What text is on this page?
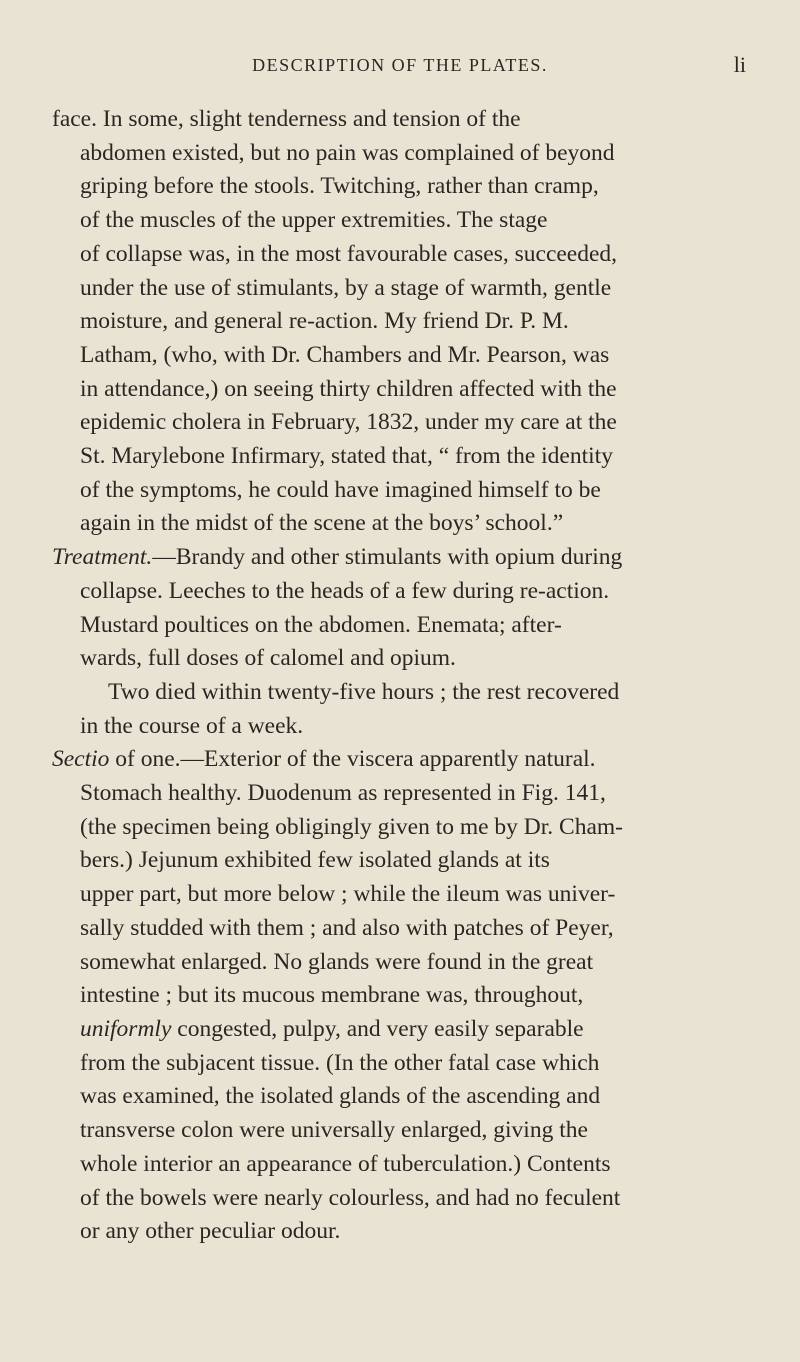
DESCRIPTION OF THE PLATES.	li
face. In some, slight tenderness and tension of the
abdomen existed, but no pain was complained of beyond
griping before the stools. Twitching, rather than cramp,
of the muscles of the upper extremities. The stage
of collapse was, in the most favourable cases, succeeded,
under the use of stimulants, by a stage of warmth, gentle
moisture, and general re-action. My friend Dr. P. M.
Latham, (who, with Dr. Chambers and Mr. Pearson, was
in attendance,) on seeing thirty children affected with the
epidemic cholera in February, 1832, under my care at the
St. Marylebone Infirmary, stated that, “ from the identity
of the symptoms, he could have imagined himself to be
again in the midst of the scene at the boys’ school.”
Treatment.—Brandy and other stimulants with opium during
collapse. Leeches to the heads of a few during re-action.
Mustard poultices on the abdomen. Enemata; after-
wards, full doses of calomel and opium.
Two died within twenty-five hours ; the rest recovered
in the course of a week.
Sectio of one.—Exterior of the viscera apparently natural.
Stomach healthy. Duodenum as represented in Fig. 141,
(the specimen being obligingly given to me by Dr. Cham-
bers.) Jejunum exhibited few isolated glands at its
upper part, but more below ; while the ileum was univer-
sally studded with them ; and also with patches of Peyer,
somewhat enlarged. No glands were found in the great
intestine ; but its mucous membrane was, throughout,
uniformly congested, pulpy, and very easily separable
from the subjacent tissue. (In the other fatal case which
was examined, the isolated glands of the ascending and
transverse colon were universally enlarged, giving the
whole interior an appearance of tuberculation.) Contents
of the bowels were nearly colourless, and had no feculent
or any other peculiar odour.
